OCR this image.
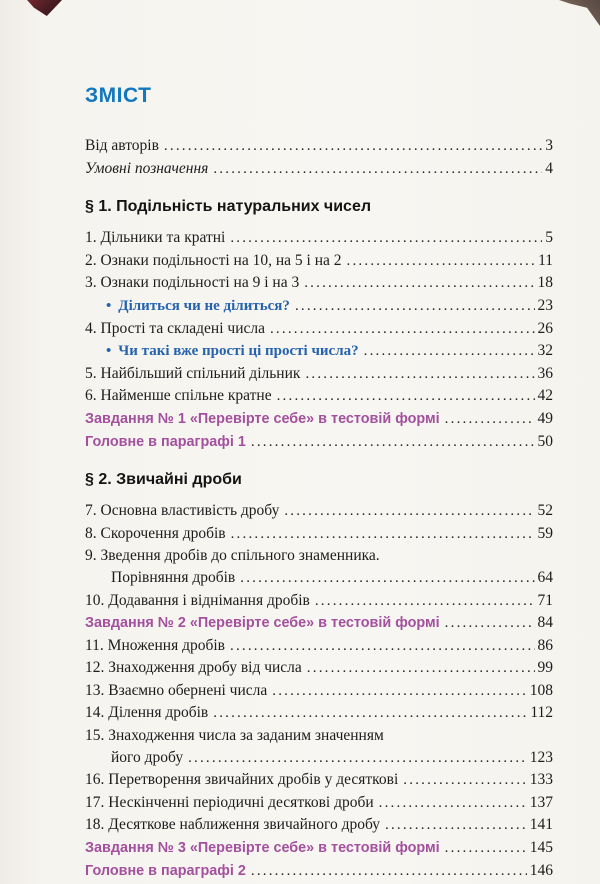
ЗМІСТ
Від авторів .....	3
Умовні позначення .....	4
§ 1. Подільність натуральних чисел
1. Дільники та кратні .....	5
2. Ознаки подільності на 10, на 5 і на 2 .....	11
3. Ознаки подільності на 9 і на 3 .....	18
• Ділиться чи не ділиться? .....	23
4. Прості та складені числа .....	26
• Чи такі вже прості ці прості числа? .....	32
5. Найбільший спільний дільник .....	36
6. Найменше спільне кратне .....	42
Завдання № 1 «Перевірте себе» в тестовій формі .....	49
Головне в параграфі 1 .....	50
§ 2. Звичайні дроби
7. Основна властивість дробу .....	52
8. Скорочення дробів .....	59
9. Зведення дробів до спільного знаменника.
Порівняння дробів .....	64
10. Додавання і віднімання дробів .....	71
Завдання № 2 «Перевірте себе» в тестовій формі .....	84
11. Множення дробів .....	86
12. Знаходження дробу від числа .....	99
13. Взаємно обернені числа .....	108
14. Ділення дробів .....	112
15. Знаходження числа за заданим значенням
його дробу .....	123
16. Перетворення звичайних дробів у десяткові .....	133
17. Нескінченні періодичні десяткові дроби .....	137
18. Десяткове наближення звичайного дробу .....	141
Завдання № 3 «Перевірте себе» в тестовій формі .....	145
Головне в параграфі 2 .....	146
